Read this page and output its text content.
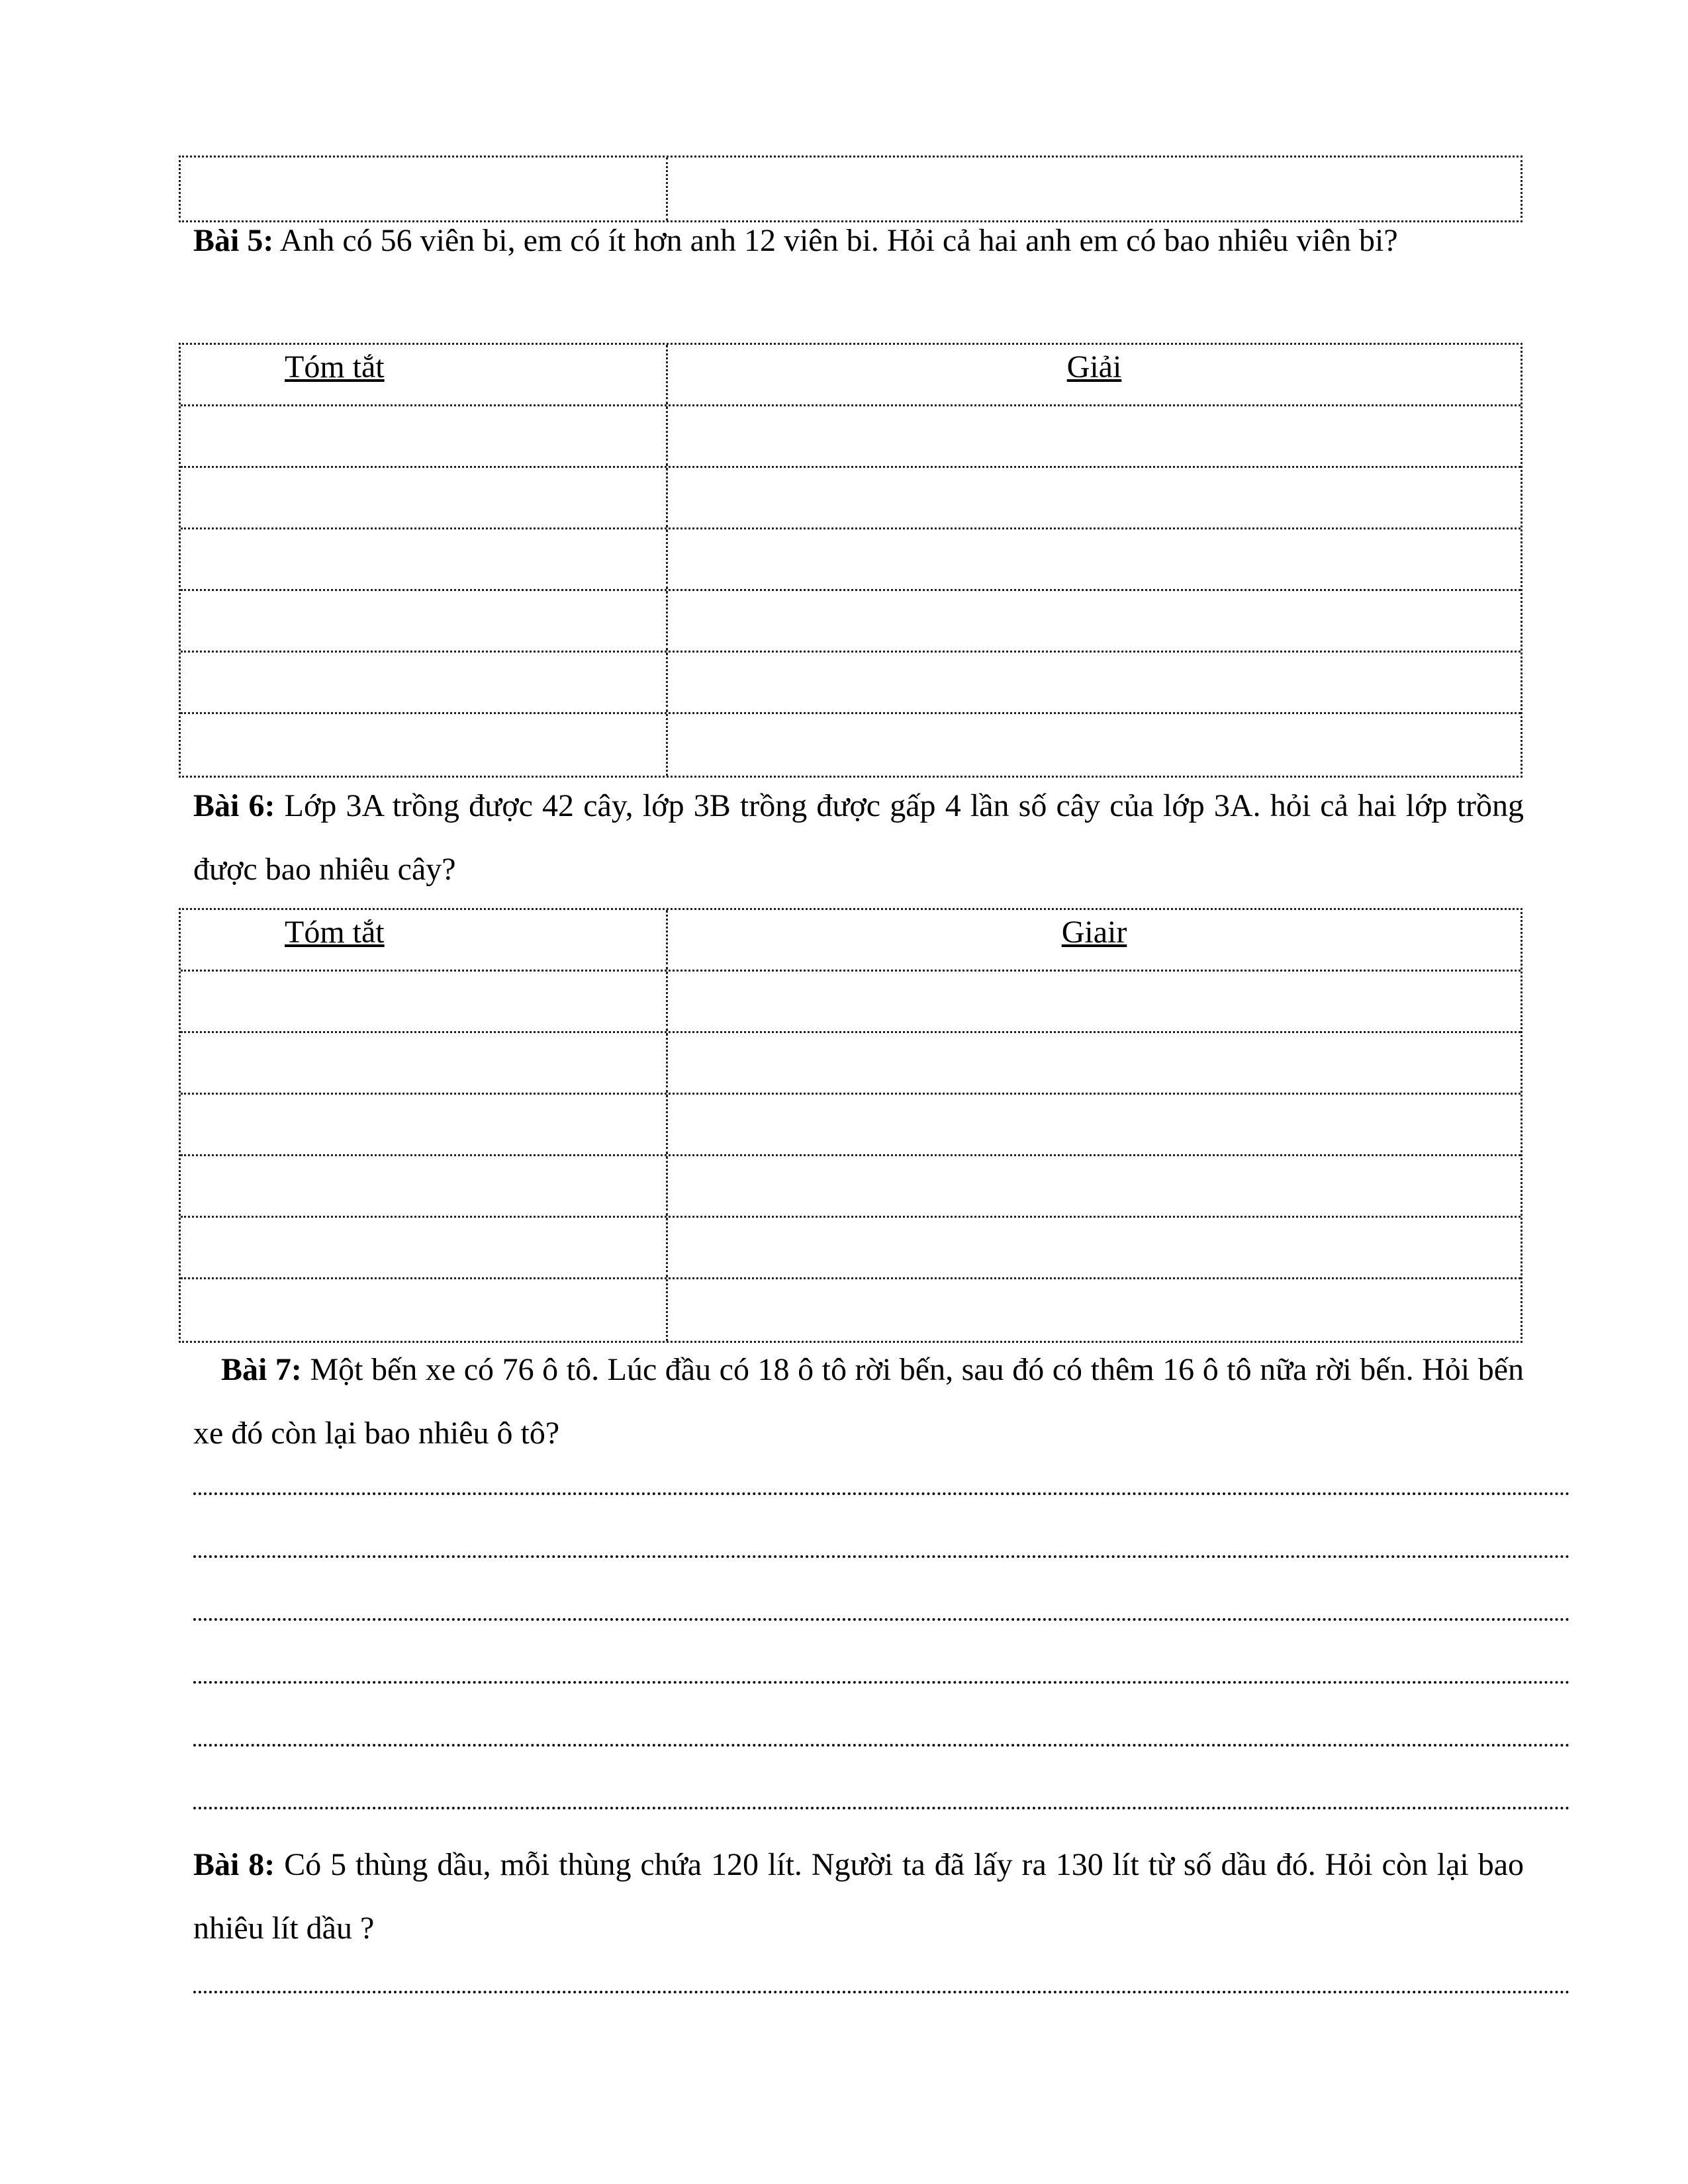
Bài 5: Anh có 56 viên bi, em có ít hơn anh 12 viên bi. Hỏi cả hai anh em có bao nhiêu viên bi?

Tóm tắt	Giải

Bài 6: Lớp 3A trồng được 42 cây, lớp 3B trồng được gấp 4 lần số cây của lớp 3A. hỏi cả hai lớp trồng được bao nhiêu cây?

Tóm tắt	Giair

Bài 7: Một bến xe có 76 ô tô. Lúc đầu có 18 ô tô rời bến, sau đó có thêm 16 ô tô nữa rời bến. Hỏi bến xe đó còn lại bao nhiêu ô tô?

Bài 8: Có 5 thùng dầu, mỗi thùng chứa 120 lít. Người ta đã lấy ra 130 lít từ số dầu đó. Hỏi còn lại bao nhiêu lít dầu ?
